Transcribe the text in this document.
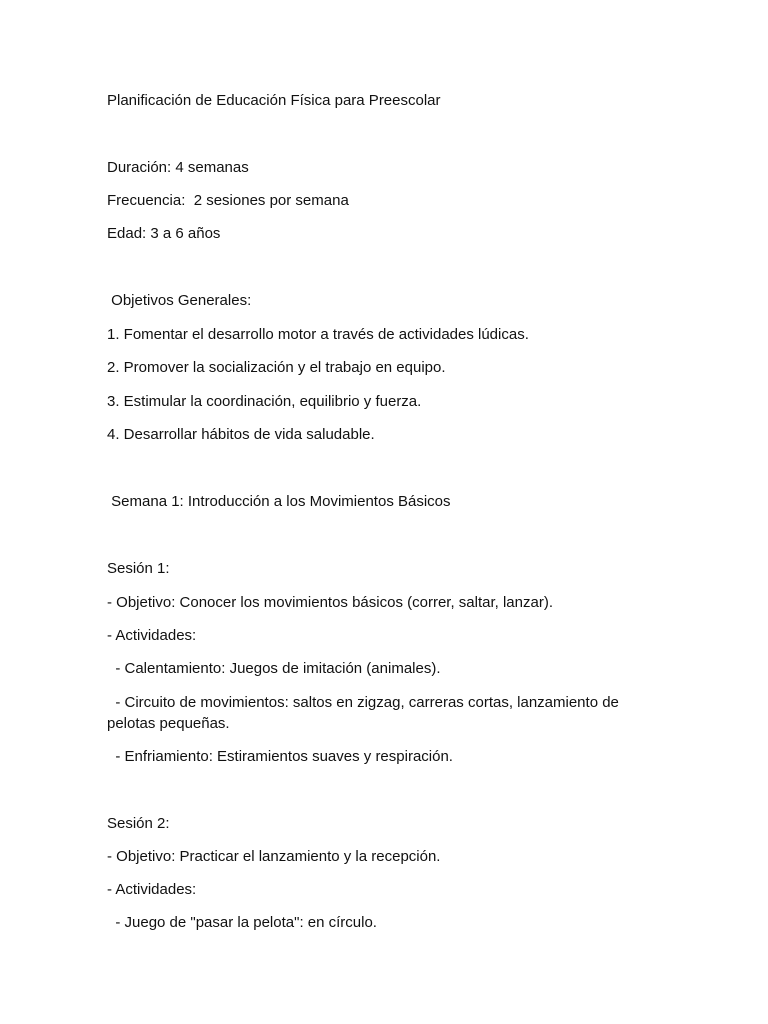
Planificación de Educación Física para Preescolar
Duración: 4 semanas
Frecuencia:  2 sesiones por semana
Edad: 3 a 6 años
Objetivos Generales:
1. Fomentar el desarrollo motor a través de actividades lúdicas.
2. Promover la socialización y el trabajo en equipo.
3. Estimular la coordinación, equilibrio y fuerza.
4. Desarrollar hábitos de vida saludable.
Semana 1: Introducción a los Movimientos Básicos
Sesión 1:
- Objetivo: Conocer los movimientos básicos (correr, saltar, lanzar).
- Actividades:
- Calentamiento: Juegos de imitación (animales).
- Circuito de movimientos: saltos en zigzag, carreras cortas, lanzamiento de pelotas pequeñas.
- Enfriamiento: Estiramientos suaves y respiración.
Sesión 2:
- Objetivo: Practicar el lanzamiento y la recepción.
- Actividades:
- Juego de "pasar la pelota": en círculo.
